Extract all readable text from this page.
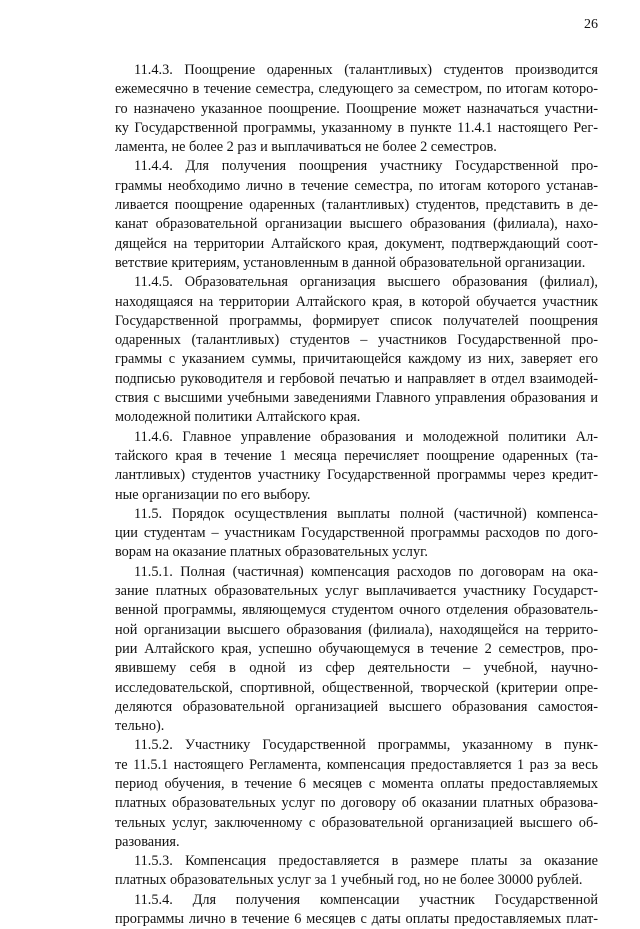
26
11.4.3. Поощрение одаренных (талантливых) студентов производится
ежемесячно в течение семестра, следующего за семестром, по итогам которо-
го назначено указанное поощрение. Поощрение может назначаться участни-
ку Государственной программы, указанному в пункте 11.4.1 настоящего Рег-
ламента, не более 2 раз и выплачиваться не более 2 семестров.
11.4.4. Для получения поощрения участнику Государственной про-
граммы необходимо лично в течение семестра, по итогам которого устанав-
ливается поощрение одаренных (талантливых) студентов, представить в де-
канат образовательной организации высшего образования (филиала), нахо-
дящейся на территории Алтайского края, документ, подтверждающий соот-
ветствие критериям, установленным в данной образовательной организации.
11.4.5. Образовательная организация высшего образования (филиал),
находящаяся на территории Алтайского края, в которой обучается участник
Государственной программы, формирует список получателей поощрения
одаренных (талантливых) студентов – участников Государственной про-
граммы с указанием суммы, причитающейся каждому из них, заверяет его
подписью руководителя и гербовой печатью и направляет в отдел взаимодей-
ствия с высшими учебными заведениями Главного управления образования и
молодежной политики Алтайского края.
11.4.6. Главное управление образования и молодежной политики Ал-
тайского края в течение 1 месяца перечисляет поощрение одаренных (та-
лантливых) студентов участнику Государственной программы через кредит-
ные организации по его выбору.
11.5. Порядок осуществления выплаты полной (частичной) компенса-
ции студентам – участникам Государственной программы расходов по дого-
ворам на оказание платных образовательных услуг.
11.5.1. Полная (частичная) компенсация расходов по договорам на ока-
зание платных образовательных услуг выплачивается участнику Государст-
венной программы, являющемуся студентом очного отделения образователь-
ной организации высшего образования (филиала), находящейся на террито-
рии Алтайского края, успешно обучающемуся в течение 2 семестров, про-
явившему себя в одной из сфер деятельности – учебной, научно-
исследовательской, спортивной, общественной, творческой (критерии опре-
деляются образовательной организацией высшего образования самостоя-
тельно).
11.5.2. Участнику Государственной программы, указанному в пунк-
те 11.5.1 настоящего Регламента, компенсация предоставляется 1 раз за весь
период обучения, в течение 6 месяцев с момента оплаты предоставляемых
платных образовательных услуг по договору об оказании платных образова-
тельных услуг, заключенному с образовательной организацией высшего об-
разования.
11.5.3. Компенсация предоставляется в размере платы за оказание
платных образовательных услуг за 1 учебный год, но не более 30000 рублей.
11.5.4. Для получения компенсации участник Государственной
программы лично в течение 6 месяцев с даты оплаты предоставляемых плат-
